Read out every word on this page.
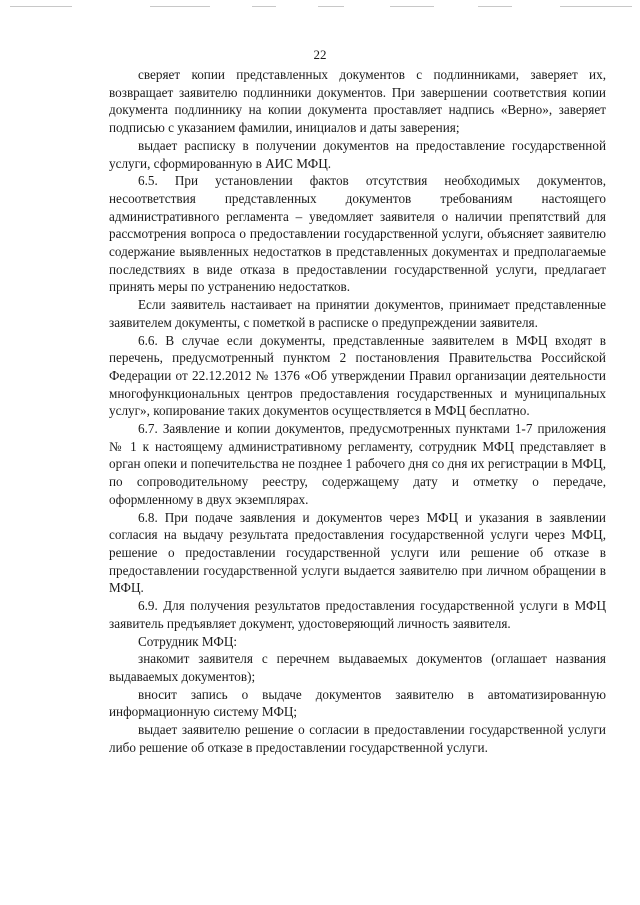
22

сверяет копии представленных документов с подлинниками, заверяет их, возвращает заявителю подлинники документов. При завершении соответствия копии документа подлиннику на копии документа проставляет надпись «Верно», заверяет подписью с указанием фамилии, инициалов и даты заверения;

выдает расписку в получении документов на предоставление государственной услуги, сформированную в АИС МФЦ.

6.5. При установлении фактов отсутствия необходимых документов, несоответствия представленных документов требованиям настоящего административного регламента – уведомляет заявителя о наличии препятствий для рассмотрения вопроса о предоставлении государственной услуги, объясняет заявителю содержание выявленных недостатков в представленных документах и предполагаемые последствиях в виде отказа в предоставлении государственной услуги, предлагает принять меры по устранению недостатков.

Если заявитель настаивает на принятии документов, принимает представленные заявителем документы, с пометкой в расписке о предупреждении заявителя.

6.6. В случае если документы, представленные заявителем в МФЦ входят в перечень, предусмотренный пунктом 2 постановления Правительства Российской Федерации от 22.12.2012 № 1376 «Об утверждении Правил организации деятельности многофункциональных центров предоставления государственных и муниципальных услуг», копирование таких документов осуществляется в МФЦ бесплатно.

6.7. Заявление и копии документов, предусмотренных пунктами 1-7 приложения № 1 к настоящему административному регламенту, сотрудник МФЦ представляет в орган опеки и попечительства не позднее 1 рабочего дня со дня их регистрации в МФЦ, по сопроводительному реестру, содержащему дату и отметку о передаче, оформленному в двух экземплярах.

6.8. При подаче заявления и документов через МФЦ и указания в заявлении согласия на выдачу результата предоставления государственной услуги через МФЦ, решение о предоставлении государственной услуги или решение об отказе в предоставлении государственной услуги выдается заявителю при личном обращении в МФЦ.

6.9. Для получения результатов предоставления государственной услуги в МФЦ заявитель предъявляет документ, удостоверяющий личность заявителя.

Сотрудник МФЦ:

знакомит заявителя с перечнем выдаваемых документов (оглашает названия выдаваемых документов);

вносит запись о выдаче документов заявителю в автоматизированную информационную систему МФЦ;

выдает заявителю решение о согласии в предоставлении государственной услуги либо решение об отказе в предоставлении государственной услуги.
